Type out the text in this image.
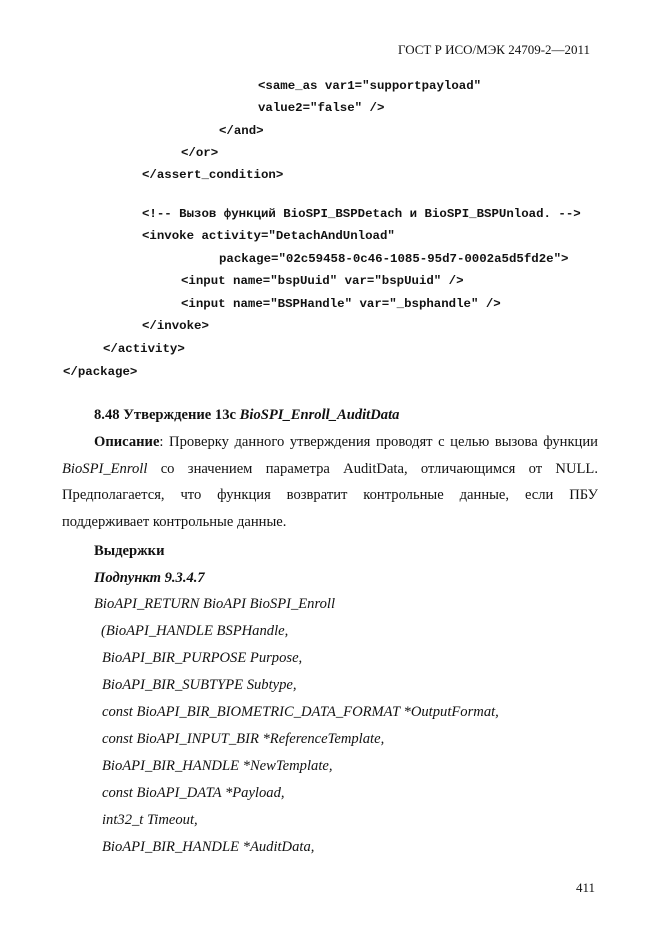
ГОСТ Р ИСО/МЭК 24709-2—2011
<same_as var1="supportpayload"
value2="false" />
</and>
</or>
</assert_condition>
<!-- Вызов функций BioSPI_BSPDetach и BioSPI_BSPUnload. -->
<invoke activity="DetachAndUnload"
package="02c59458-0c46-1085-95d7-0002a5d5fd2e">
<input name="bspUuid" var="bspUuid" />
<input name="BSPHandle" var="_bsphandle" />
</invoke>
</activity>
</package>
8.48 Утверждение 13c BioSPI_Enroll_AuditData
Описание: Проверку данного утверждения проводят с целью вызова функции BioSPI_Enroll со значением параметра AuditData, отличающимся от NULL. Предполагается, что функция возвратит контрольные данные, если ПБУ поддерживает контрольные данные.
Выдержки
Подпункт 9.3.4.7
BioAPI_RETURN BioAPI BioSPI_Enroll
(BioAPI_HANDLE BSPHandle,
BioAPI_BIR_PURPOSE Purpose,
BioAPI_BIR_SUBTYPE Subtype,
const BioAPI_BIR_BIOMETRIC_DATA_FORMAT *OutputFormat,
const BioAPI_INPUT_BIR *ReferenceTemplate,
BioAPI_BIR_HANDLE *NewTemplate,
const BioAPI_DATA *Payload,
int32_t Timeout,
BioAPI_BIR_HANDLE *AuditData,
411
